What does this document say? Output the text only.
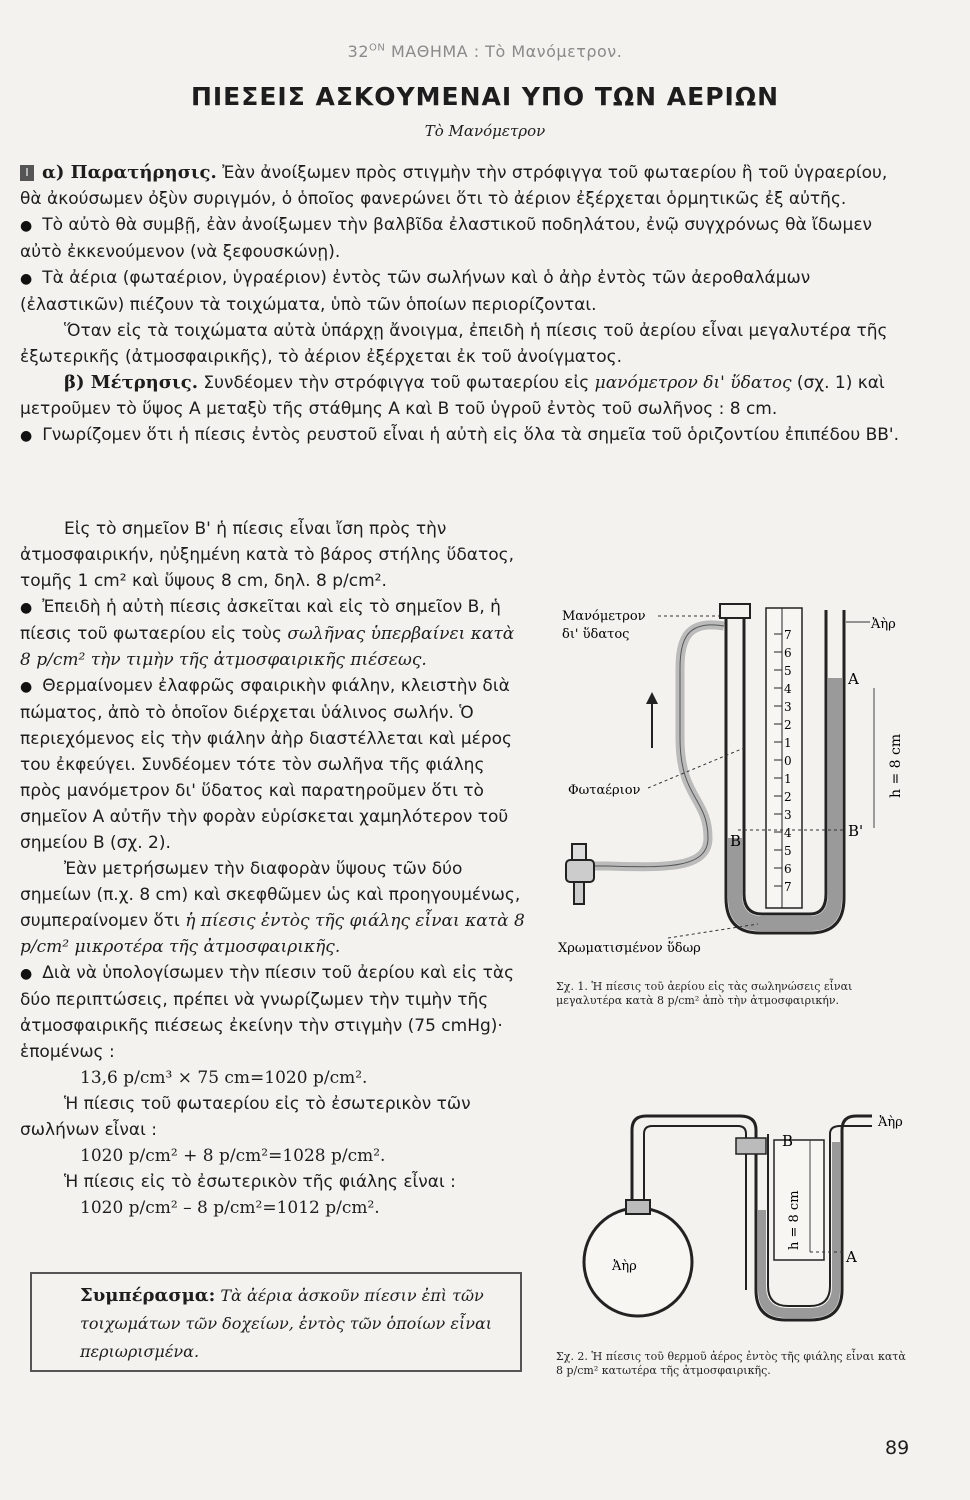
$32^{ON}$ ΜΑΘΗΜΑ : Τὸ Μανόμετρον.
ΠΙΕΣΕΙΣ ΑΣΚΟΥΜΕΝΑΙ ΥΠΟ ΤΩΝ ΑΕΡΙΩΝ
Τὸ Μανόμετρον

I α) Παρατήρησις. Ἐὰν ἀνοίξωμεν πρὸς στιγμὴν τὴν στρόφιγγα τοῦ φωταερίου ἢ τοῦ ὑγραερίου, θὰ ἀκούσωμεν ὀξὺν συριγμόν, ὁ ὁποῖος φανερώνει ὅτι τὸ ἀέριον ἐξέρχεται ὁρμητικῶς ἐξ αὐτῆς.

● Τὸ αὐτὸ θὰ συμβῇ, ἐὰν ἀνοίξωμεν τὴν βαλβῖδα ἐλαστικοῦ ποδηλάτου, ἐνῷ συγχρόνως θὰ ἴδωμεν αὐτὸ ἐκκενούμενον (νὰ ξεφουσκώνῃ).

● Τὰ ἀέρια (φωταέριον, ὑγραέριον) ἐντὸς τῶν σωλήνων καὶ ὁ ἀὴρ ἐντὸς τῶν ἀεροθαλάμων (ἐλαστικῶν) πιέζουν τὰ τοιχώματα, ὑπὸ τῶν ὁποίων περιορίζονται.

Ὅταν εἰς τὰ τοιχώματα αὐτὰ ὑπάρχῃ ἄνοιγμα, ἐπειδὴ ἡ πίεσις τοῦ ἀερίου εἶναι μεγαλυτέρα τῆς ἐξωτερικῆς (ἀτμοσφαιρικῆς), τὸ ἀέριον ἐξέρχεται ἐκ τοῦ ἀνοίγματος.

β) Μέτρησις. Συνδέομεν τὴν στρόφιγγα τοῦ φωταερίου εἰς μανόμετρον δι' ὕδατος (σχ. 1) καὶ μετροῦμεν τὸ ὕψος Α μεταξὺ τῆς στάθμης Α καὶ Β τοῦ ὑγροῦ ἐντὸς τοῦ σωλῆνος : 8 cm.

● Γνωρίζομεν ὅτι ἡ πίεσις ἐντὸς ρευστοῦ εἶναι ἡ αὐτὴ εἰς ὅλα τὰ σημεῖα τοῦ ὁριζοντίου ἐπιπέδου ΒΒ'.

Εἰς τὸ σημεῖον Β' ἡ πίεσις εἶναι ἴση πρὸς τὴν ἀτμοσφαιρικήν, ηὐξημένη κατὰ τὸ βάρος στήλης ὕδατος, τομῆς 1 cm² καὶ ὕψους 8 cm, δηλ. 8 p/cm².

● Ἐπειδὴ ἡ αὐτὴ πίεσις ἀσκεῖται καὶ εἰς τὸ σημεῖον Β, ἡ πίεσις τοῦ φωταερίου εἰς τοὺς σωλῆνας ὑπερβαίνει κατὰ 8 p/cm² τὴν τιμὴν τῆς ἀτμοσφαιρικῆς πιέσεως.

● Θερμαίνομεν ἐλαφρῶς σφαιρικὴν φιάλην, κλειστὴν διὰ πώματος, ἀπὸ τὸ ὁποῖον διέρχεται ὑάλινος σωλήν. Ὁ περιεχόμενος εἰς τὴν φιάλην ἀὴρ διαστέλλεται καὶ μέρος του ἐκφεύγει. Συνδέομεν τότε τὸν σωλῆνα τῆς φιάλης πρὸς μανόμετρον δι' ὕδατος καὶ παρατηροῦμεν ὅτι τὸ σημεῖον Α αὐτῆν τὴν φορὰν εὑρίσκεται χαμηλότερον τοῦ σημείου Β (σχ. 2).

Ἐὰν μετρήσωμεν τὴν διαφορὰν ὕψους τῶν δύο σημείων (π.χ. 8 cm) καὶ σκεφθῶμεν ὡς καὶ προηγουμένως, συμπεραίνομεν ὅτι ἡ πίεσις ἐντὸς τῆς φιάλης εἶναι κατὰ 8 p/cm² μικροτέρα τῆς ἀτμοσφαιρικῆς.

● Διὰ νὰ ὑπολογίσωμεν τὴν πίεσιν τοῦ ἀερίου καὶ εἰς τὰς δύο περιπτώσεις, πρέπει νὰ γνωρίζωμεν τὴν τιμὴν τῆς ἀτμοσφαιρικῆς πιέσεως ἐκείνην τὴν στιγμὴν (75 cmHg)· ἑπομένως :

13,6 p/cm³ × 75 cm=1020 p/cm².

Ἡ πίεσις τοῦ φωταερίου εἰς τὸ ἐσωτερικὸν τῶν σωλήνων εἶναι :

1020 p/cm² + 8 p/cm²=1028 p/cm².

Ἡ πίεσις εἰς τὸ ἐσωτερικὸν τῆς φιάλης εἶναι :

1020 p/cm² – 8 p/cm²=1012 p/cm².

Συμπέρασμα: Τὰ ἀέρια ἀσκοῦν πίεσιν ἐπὶ τῶν τοιχωμάτων τῶν δοχείων, ἐντὸς τῶν ὁποίων εἶναι περιωρισμένα.
Μανόμετρον
δι' ὕδατος
Ἀὴρ
7
6
5
4
3
2
1
0
1
2
3
4
5
6
7
Α
Β
Β'
h = 8 cm
Φωταέριον
Χρωματισμένον ὕδωρ
Σχ. 1. Ἡ πίεσις τοῦ ἀερίου εἰς τὰς σωληνώσεις εἶναι μεγαλυτέρα κατὰ 8 p/cm² ἀπὸ τὴν ἀτμοσφαιρικήν.
Ἀὴρ
Β
Α
h = 8 cm
Ἀὴρ
Σχ. 2. Ἡ πίεσις τοῦ θερμοῦ ἀέρος ἐντὸς τῆς φιάλης εἶναι κατὰ 8 p/cm² κατωτέρα τῆς ἀτμοσφαιρικῆς.
89
